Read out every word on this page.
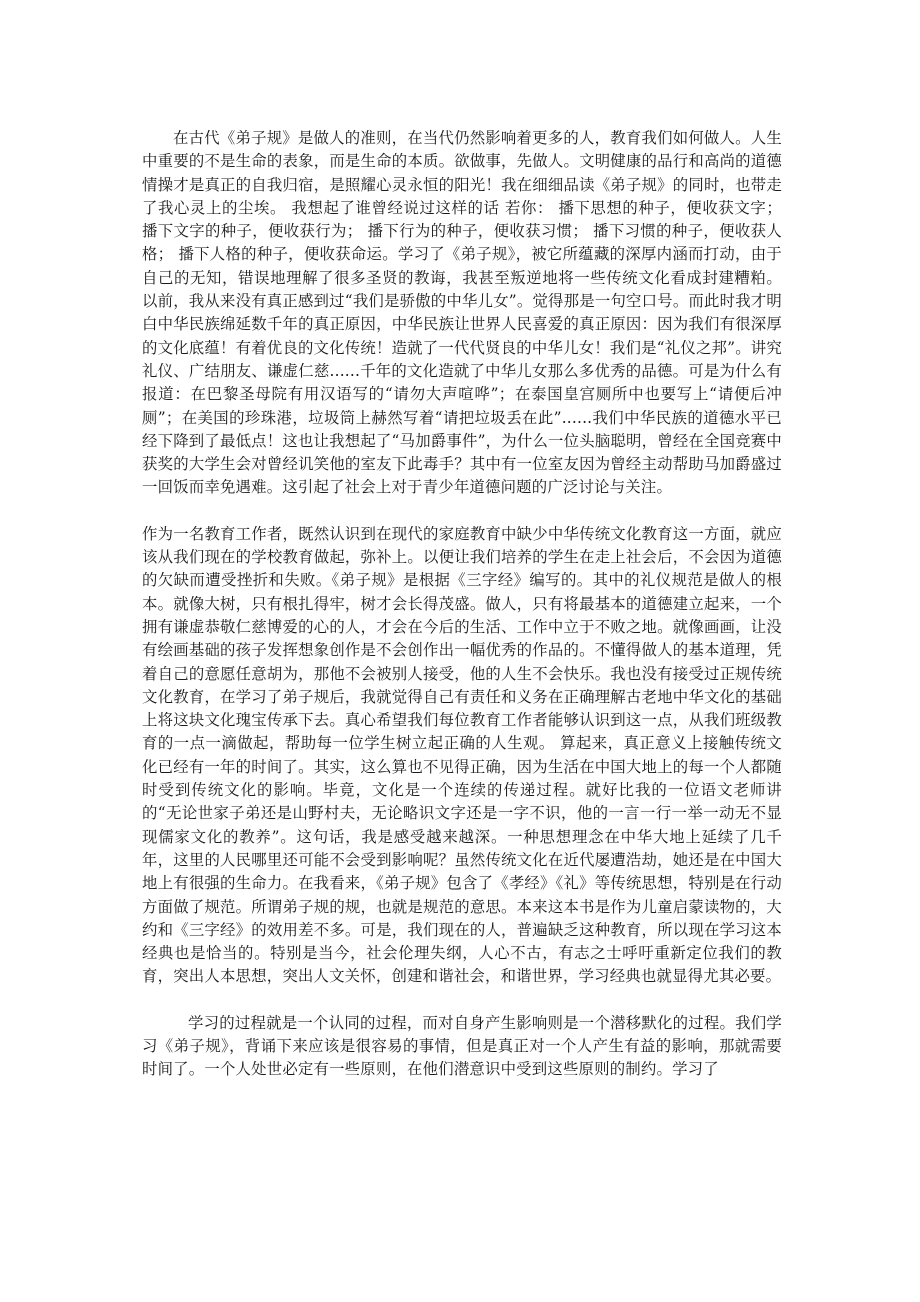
在古代《弟子规》是做人的准则，在当代仍然影响着更多的人，教育我们如何做人。人生中重要的不是生命的表象，而是生命的本质。欲做事，先做人。文明健康的品行和高尚的道德情操才是真正的自我归宿，是照耀心灵永恒的阳光！我在细细品读《弟子规》的同时，也带走了我心灵上的尘埃。 我想起了谁曾经说过这样的话 若你： 播下思想的种子，便收获文字； 播下文字的种子，便收获行为； 播下行为的种子，便收获习惯； 播下习惯的种子，便收获人格； 播下人格的种子，便收获命运。学习了《弟子规》，被它所蕴藏的深厚内涵而打动，由于自己的无知，错误地理解了很多圣贤的教诲，我甚至叛逆地将一些传统文化看成封建糟粕。 以前，我从来没有真正感到过“我们是骄傲的中华儿女”。觉得那是一句空口号。而此时我才明白中华民族绵延数千年的真正原因，中华民族让世界人民喜爱的真正原因：因为我们有很深厚的文化底蕴！有着优良的文化传统！造就了一代代贤良的中华儿女！我们是“礼仪之邦”。讲究礼仪、广结朋友、谦虚仁慈......千年的文化造就了中华儿女那么多优秀的品德。可是为什么有报道：在巴黎圣母院有用汉语写的“请勿大声喧哗”；在泰国皇宫厕所中也要写上“请便后冲厕”；在美国的珍珠港，垃圾筒上赫然写着“请把垃圾丢在此”......我们中华民族的道德水平已经下降到了最低点！这也让我想起了“马加爵事件”，为什么一位头脑聪明，曾经在全国竞赛中获奖的大学生会对曾经讥笑他的室友下此毒手？其中有一位室友因为曾经主动帮助马加爵盛过一回饭而幸免遇难。这引起了社会上对于青少年道德问题的广泛讨论与关注。

作为一名教育工作者，既然认识到在现代的家庭教育中缺少中华传统文化教育这一方面，就应该从我们现在的学校教育做起，弥补上。以便让我们培养的学生在走上社会后，不会因为道德的欠缺而遭受挫折和失败。《弟子规》是根据《三字经》编写的。其中的礼仪规范是做人的根本。就像大树，只有根扎得牢，树才会长得茂盛。做人，只有将最基本的道德建立起来，一个拥有谦虚恭敬仁慈博爱的心的人，才会在今后的生活、工作中立于不败之地。就像画画，让没有绘画基础的孩子发挥想象创作是不会创作出一幅优秀的作品的。不懂得做人的基本道理，凭着自己的意愿任意胡为，那他不会被别人接受，他的人生不会快乐。我也没有接受过正规传统文化教育，在学习了弟子规后，我就觉得自己有责任和义务在正确理解古老地中华文化的基础上将这块文化瑰宝传承下去。真心希望我们每位教育工作者能够认识到这一点，从我们班级教育的一点一滴做起，帮助每一位学生树立起正确的人生观。 算起来，真正意义上接触传统文化已经有一年的时间了。其实，这么算也不见得正确，因为生活在中国大地上的每一个人都随时受到传统文化的影响。毕竟，文化是一个连续的传递过程。就好比我的一位语文老师讲的“无论世家子弟还是山野村夫，无论略识文字还是一字不识，他的一言一行一举一动无不显现儒家文化的教养”。这句话，我是感受越来越深。一种思想理念在中华大地上延续了几千年，这里的人民哪里还可能不会受到影响呢？虽然传统文化在近代屡遭浩劫，她还是在中国大地上有很强的生命力。在我看来，《弟子规》包含了《孝经》《礼》等传统思想，特别是在行动方面做了规范。所谓弟子规的规，也就是规范的意思。本来这本书是作为儿童启蒙读物的，大约和《三字经》的效用差不多。可是，我们现在的人，普遍缺乏这种教育，所以现在学习这本经典也是恰当的。特别是当今，社会伦理失纲，人心不古，有志之士呼吁重新定位我们的教育，突出人本思想，突出人文关怀，创建和谐社会，和谐世界，学习经典也就显得尤其必要。

学习的过程就是一个认同的过程，而对自身产生影响则是一个潜移默化的过程。我们学习《弟子规》，背诵下来应该是很容易的事情，但是真正对一个人产生有益的影响，那就需要时间了。一个人处世必定有一些原则，在他们潜意识中受到这些原则的制约。学习了
